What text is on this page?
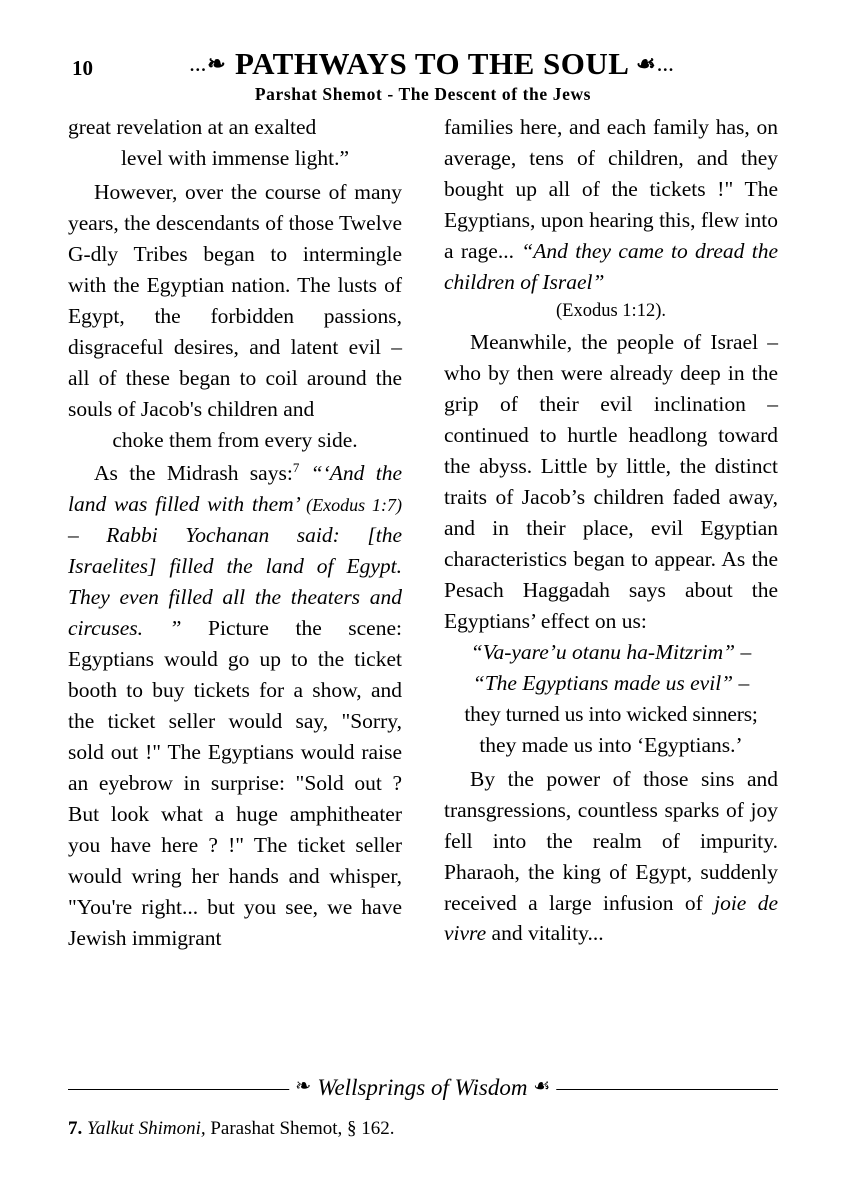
10	…❧ PATHWAYS TO THE SOUL ☙…
Parshat Shemot - The Descent of the Jews

great revelation at an exalted
level with immense light.”

However, over the course of many years, the descendants of those Twelve G-dly Tribes began to intermingle with the Egyptian nation. The lusts of Egypt, the forbidden passions, disgraceful desires, and latent evil – all of these began to coil around the souls of Jacob's children and
choke them from every side.

As the Midrash says:$^7$ “‘And the land was filled with them’ (Exodus 1:7) – Rabbi Yochanan said: [the Israelites] filled the land of Egypt. They even filled all the theaters and circuses. ” Picture the scene: Egyptians would go up to the ticket booth to buy tickets for a show, and the ticket seller would say, "Sorry, sold out !" The Egyptians would raise an eyebrow in surprise: "Sold out ? But look what a huge amphitheater you have here ? !" The ticket seller would wring her hands and whisper, "You're right... but you see, we have Jewish immigrant

families here, and each family has, on average, tens of children, and they bought up all of the tickets !" The Egyptians, upon hearing this, flew into a rage... “And they came to dread the children of Israel”
(Exodus 1:12).

Meanwhile, the people of Israel – who by then were already deep in the grip of their evil inclination – continued to hurtle headlong toward the abyss. Little by little, the distinct traits of Jacob’s children faded away, and in their place, evil Egyptian characteristics began to appear. As the Pesach Haggadah says about the Egyptians’ effect on us:
“Va-yare’u otanu ha-Mitzrim” –
“The Egyptians made us evil” –
they turned us into wicked sinners;
they made us into ‘Egyptians.’

By the power of those sins and transgressions, countless sparks of joy fell into the realm of impurity. Pharaoh, the king of Egypt, suddenly received a large infusion of joie de vivre and vitality...

❧ Wellsprings of Wisdom ☙
7. Yalkut Shimoni, Parashat Shemot, § 162.
